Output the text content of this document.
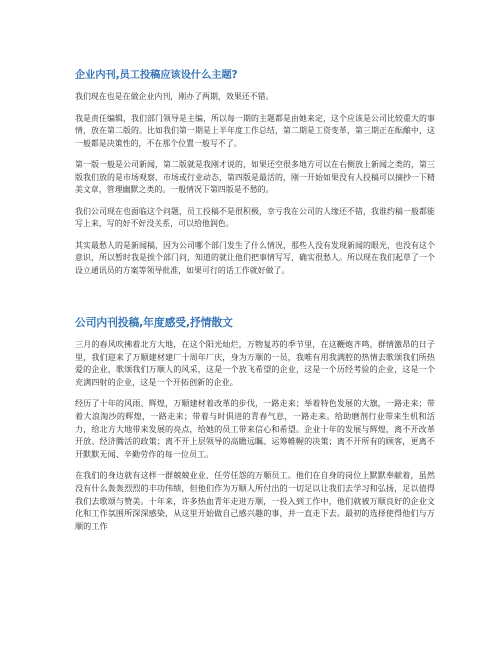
企业内刊,员工投稿应该设什么主题?

我们现在也是在做企业内刊，刚办了两期，效果还不错。

我是责任编辑，我们部门领导是主编，所以每一期的主题都是由她来定，这个应该是公司比较重大的事情，放在第二版的。比如我们第一期是上半年度工作总结，第二期是工资变革，第三期正在酝酿中，这一般都是决策性的，不在那个位置一般写不了。

第一版一般是公司新闻，第二版就是我刚才说的，如果还空很多地方可以在右侧放上新闻之类的，第三版我们放的是市场观察，市场或行业动态，第四版是最活的，刚一开始如果没有人投稿可以摘抄一下精美文章，管理幽默之类的。一般情况下第四版是不愁的。

我们公司现在也面临这个问题，员工投稿不是很积极，幸亏我在公司的人缘还不错，我谁约稿一般都能写上来，写的好不好没关系，可以给他润色。

其实最愁人的是新闻稿，因为公司哪个部门发生了什么情况，那些人没有发现新闻的眼光，也没有这个意识，所以暂时我是挨个部门问，知道的就让他们把事情写写，确实很愁人。所以现在我们起草了一个设立通讯员的方案等领导批准，如果可行的话工作就好做了。

公司内刊投稿,年度感受,抒情散文

三月的春风吹拂着北方大地，在这个阳光灿烂，万物复苏的季节里，在这鞭炮齐鸣，群情激昂的日子里，我们迎来了万顺建材建厂十周年厂庆，身为万顺的一员，我唯有用我满腔的热情去歌颂我们所热爱的企业，歌颂我们万顺人的风采，这是一个放飞希望的企业，这是一个历经考验的企业，这是一个充满四射的企业，这是一个开拓创新的企业。

经历了十年的风雨、辉煌，万顺建材着改革的步伐，一路走来；举着特色发展的大旗，一路走来；带着大浪淘沙的辉煌，一路走来；带着与时俱进的青春气息，一路走来。给助磨剂行业带来生机和活力，给北方大地带来发展的亮点，给她的员工带来信心和希望。企业十年的发展与辉煌，离不开改革开放、经济腾活的政策；离不开上层领导的高瞻远瞩、运筹帷幄的决策；离不开所有的顾客，更离不开默默无闻、辛勤劳作的每一位员工。

在我们的身边就有这样一群兢兢业业、任劳任怨的万顺员工。他们在自身的岗位上默默奉献着，虽然没有什么轰轰烈烈的丰功伟绩，但他们作为万顺人所付出的一切足以让我们去学习和弘扬，足以值得我们去歌颂与赞美。十年来，许多热血青年走进万顺，一投入到工作中，他们就被万顺良好的企业文化和工作氛围所深深感染，从这里开始做自己感兴趣的事，并一直走下去。最初的选择使得他们与万顺的工作
